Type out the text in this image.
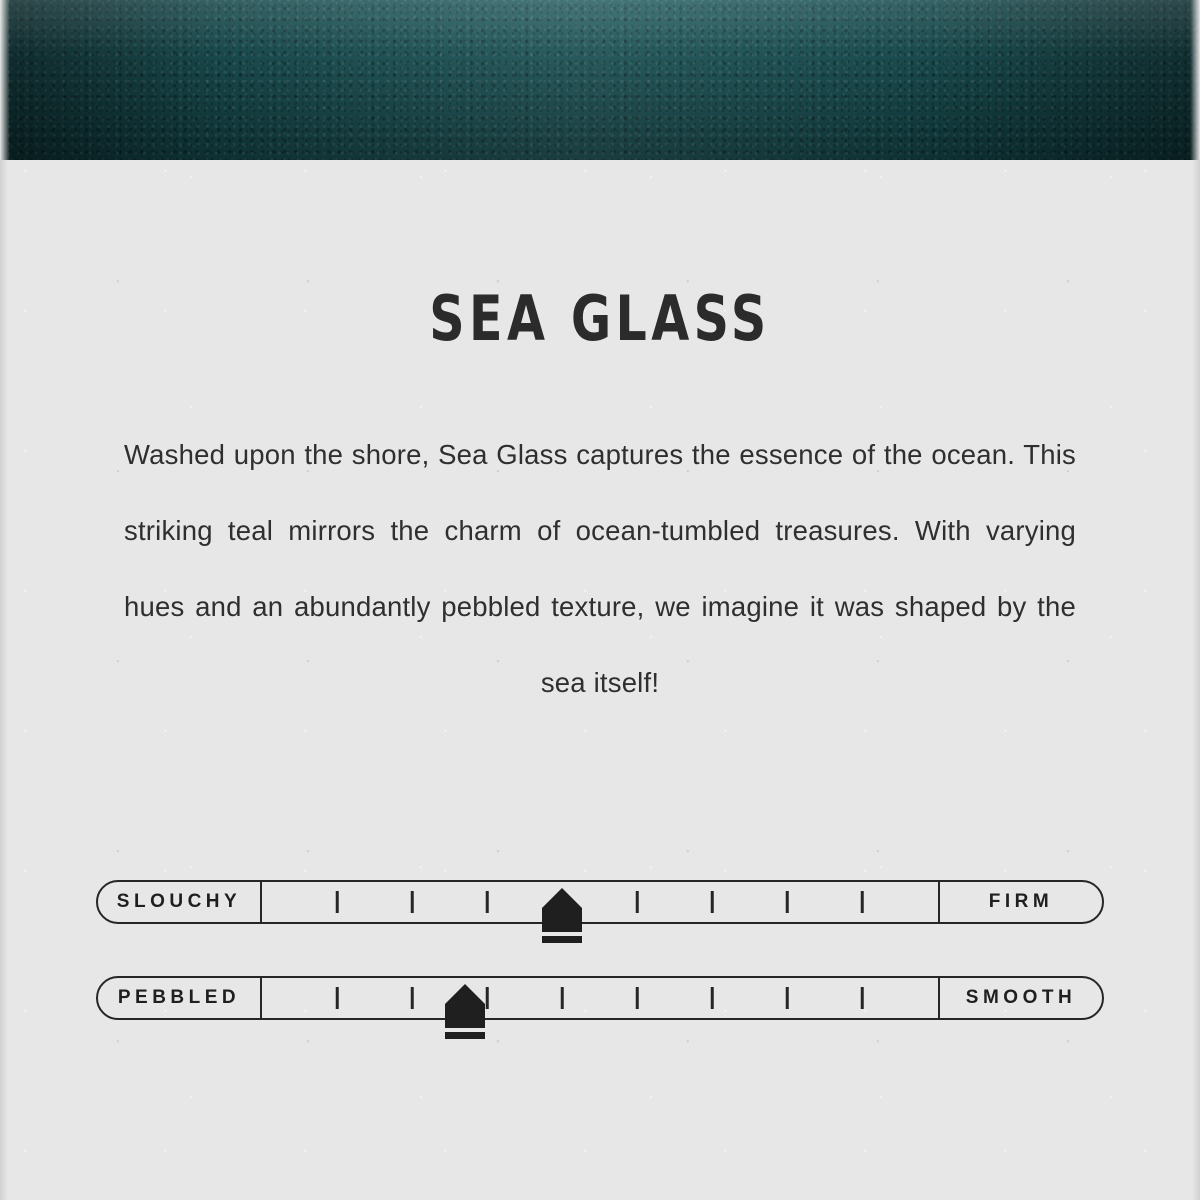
SEA GLASS

Washed upon the shore, Sea Glass captures the essence of the ocean. This striking teal mirrors the charm of ocean-tumbled treasures. With varying hues and an abundantly pebbled texture, we imagine it was shaped by the sea itself!

SLOUCHY	FIRM
PEBBLED	SMOOTH
